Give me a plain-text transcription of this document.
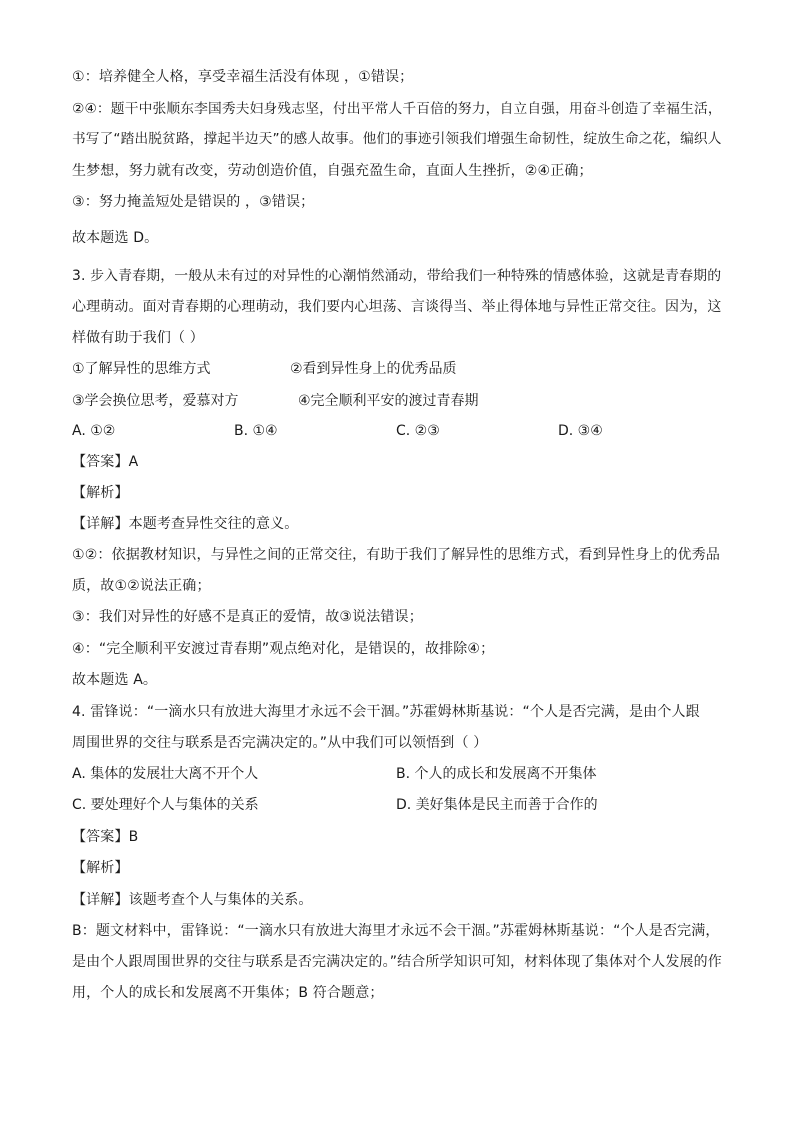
①：培养健全人格，享受幸福生活没有体现 ，①错误；
②④：题干中张顺东李国秀夫妇身残志坚，付出平常人千百倍的努力，自立自强，用奋斗创造了幸福生活，
书写了“踏出脱贫路，撑起半边天”的感人故事。他们的事迹引领我们增强生命韧性，绽放生命之花，编织人
生梦想，努力就有改变，劳动创造价值，自强充盈生命，直面人生挫折，②④正确；
③：努力掩盖短处是错误的 ，③错误；
故本题选 D。
3. 步入青春期，一般从未有过的对异性的心潮悄然涌动，带给我们一种特殊的情感体验，这就是青春期的
心理萌动。面对青春期的心理萌动，我们要内心坦荡、言谈得当、举止得体地与异性正常交往。因为，这
样做有助于我们（ ）
①了解异性的思维方式	②看到异性身上的优秀品质
③学会换位思考，爱慕对方	④完全顺利平安的渡过青春期
A. ①②	B. ①④	C. ②③	D. ③④
【答案】A
【解析】
【详解】本题考查异性交往的意义。
①②：依据教材知识，与异性之间的正常交往，有助于我们了解异性的思维方式，看到异性身上的优秀品
质，故①②说法正确；
③：我们对异性的好感不是真正的爱情，故③说法错误；
④：“完全顺利平安渡过青春期”观点绝对化，是错误的，故排除④；
故本题选 A。
4. 雷锋说：“一滴水只有放进大海里才永远不会干涸。”苏霍姆林斯基说：“个人是否完满，是由个人跟
周围世界的交往与联系是否完满决定的。”从中我们可以领悟到（ ）
A. 集体的发展壮大离不开个人	B. 个人的成长和发展离不开集体
C. 要处理好个人与集体的关系	D. 美好集体是民主而善于合作的
【答案】B
【解析】
【详解】该题考查个人与集体的关系。
B：题文材料中，雷锋说：“一滴水只有放进大海里才永远不会干涸。”苏霍姆林斯基说：“个人是否完满，
是由个人跟周围世界的交往与联系是否完满决定的。”结合所学知识可知，材料体现了集体对个人发展的作
用，个人的成长和发展离不开集体；B 符合题意；
